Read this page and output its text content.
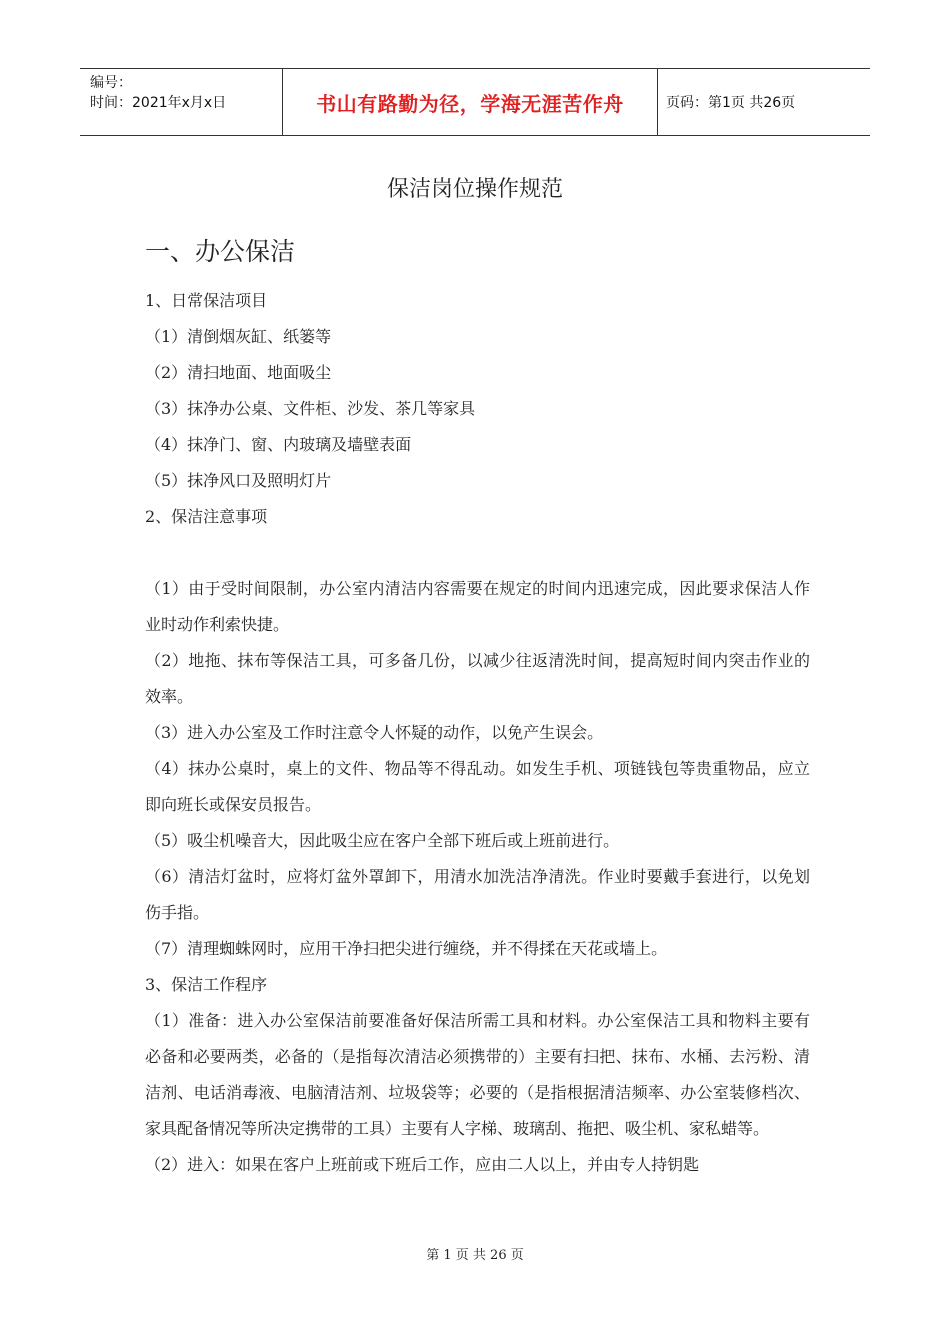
编号：
时间：2021年x月x日	书山有路勤为径，学海无涯苦作舟	页码：第1页 共26页
保洁岗位操作规范
一、办公保洁

1、日常保洁项目

（1）清倒烟灰缸、纸篓等

（2）清扫地面、地面吸尘

（3）抹净办公桌、文件柜、沙发、茶几等家具

（4）抹净门、窗、内玻璃及墙壁表面

（5）抹净风口及照明灯片

2、保洁注意事项

（1）由于受时间限制，办公室内清洁内容需要在规定的时间内迅速完成，因此要求保洁人作业时动作利索快捷。

（2）地拖、抹布等保洁工具，可多备几份，以减少往返清洗时间，提高短时间内突击作业的效率。

（3）进入办公室及工作时注意令人怀疑的动作，以免产生误会。

（4）抹办公桌时，桌上的文件、物品等不得乱动。如发生手机、项链钱包等贵重物品，应立即向班长或保安员报告。

（5）吸尘机噪音大，因此吸尘应在客户全部下班后或上班前进行。

（6）清洁灯盆时，应将灯盆外罩卸下，用清水加洗洁净清洗。作业时要戴手套进行，以免划伤手指。

（7）清理蜘蛛网时，应用干净扫把尖进行缠绕，并不得揉在天花或墙上。

3、保洁工作程序

（1）准备：进入办公室保洁前要准备好保洁所需工具和材料。办公室保洁工具和物料主要有必备和必要两类，必备的（是指每次清洁必须携带的）主要有扫把、抹布、水桶、去污粉、清洁剂、电话消毒液、电脑清洁剂、垃圾袋等；必要的（是指根据清洁频率、办公室装修档次、家具配备情况等所决定携带的工具）主要有人字梯、玻璃刮、拖把、吸尘机、家私蜡等。

（2）进入：如果在客户上班前或下班后工作，应由二人以上，并由专人持钥匙

第 1 页 共 26 页
